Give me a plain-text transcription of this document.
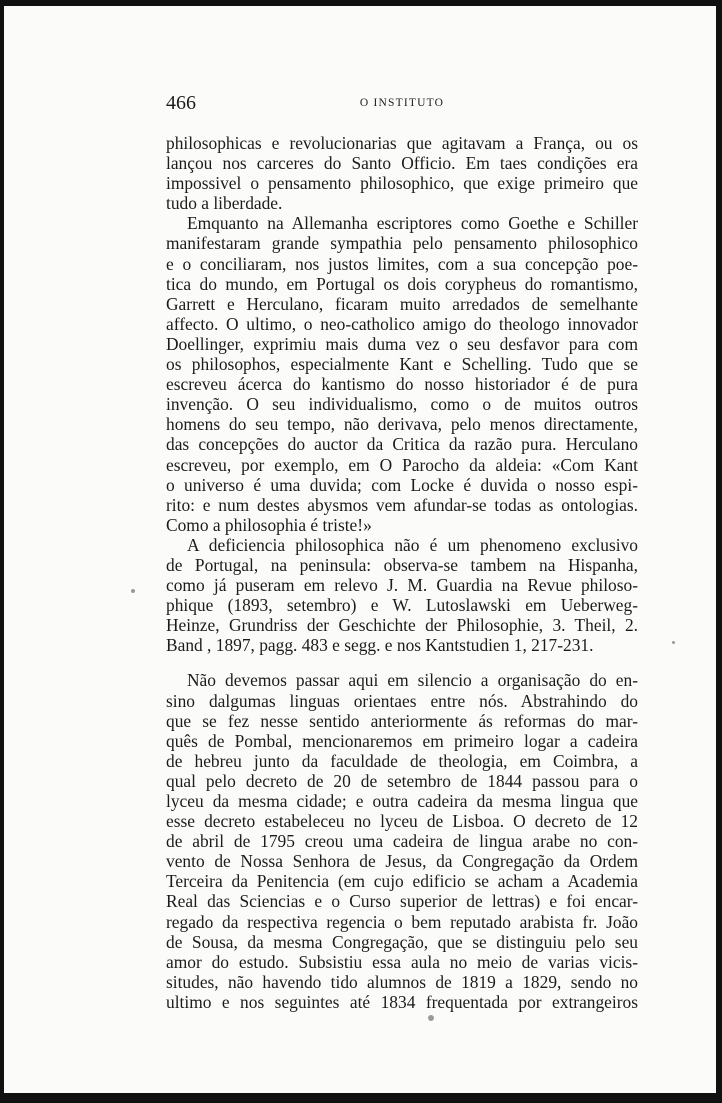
466	O INSTITUTO
philosophicas e revolucionarias que agitavam a França, ou os
lançou nos carceres do Santo Officio. Em taes condições era
impossivel o pensamento philosophico, que exige primeiro que
tudo a liberdade.
Emquanto na Allemanha escriptores como Goethe e Schiller
manifestaram grande sympathia pelo pensamento philosophico
e o conciliaram, nos justos limites, com a sua concepção poe-
tica do mundo, em Portugal os dois corypheus do romantismo,
Garrett e Herculano, ficaram muito arredados de semelhante
affecto. O ultimo, o neo-catholico amigo do theologo innovador
Doellinger, exprimiu mais duma vez o seu desfavor para com
os philosophos, especialmente Kant e Schelling. Tudo que se
escreveu ácerca do kantismo do nosso historiador é de pura
invenção. O seu individualismo, como o de muitos outros
homens do seu tempo, não derivava, pelo menos directamente,
das concepções do auctor da Critica da razão pura. Herculano
escreveu, por exemplo, em O Parocho da aldeia: «Com Kant
o universo é uma duvida; com Locke é duvida o nosso espi-
rito: e num destes abysmos vem afundar-se todas as ontologias.
Como a philosophia é triste!»
A deficiencia philosophica não é um phenomeno exclusivo
de Portugal, na peninsula: observa-se tambem na Hispanha,
como já puseram em relevo J. M. Guardia na Revue philoso-
phique (1893, setembro) e W. Lutoslawski em Ueberweg-
Heinze, Grundriss der Geschichte der Philosophie, 3. Theil, 2.
Band , 1897, pagg. 483 e segg. e nos Kantstudien 1, 217-231.
Não devemos passar aqui em silencio a organisação do en-
sino dalgumas linguas orientaes entre nós. Abstrahindo do
que se fez nesse sentido anteriormente ás reformas do mar-
quês de Pombal, mencionaremos em primeiro logar a cadeira
de hebreu junto da faculdade de theologia, em Coimbra, a
qual pelo decreto de 20 de setembro de 1844 passou para o
lyceu da mesma cidade; e outra cadeira da mesma lingua que
esse decreto estabeleceu no lyceu de Lisboa. O decreto de 12
de abril de 1795 creou uma cadeira de lingua arabe no con-
vento de Nossa Senhora de Jesus, da Congregação da Ordem
Terceira da Penitencia (em cujo edificio se acham a Academia
Real das Sciencias e o Curso superior de lettras) e foi encar-
regado da respectiva regencia o bem reputado arabista fr. João
de Sousa, da mesma Congregação, que se distinguiu pelo seu
amor do estudo. Subsistiu essa aula no meio de varias vicis-
situdes, não havendo tido alumnos de 1819 a 1829, sendo no
ultimo e nos seguintes até 1834 frequentada por extrangeiros
